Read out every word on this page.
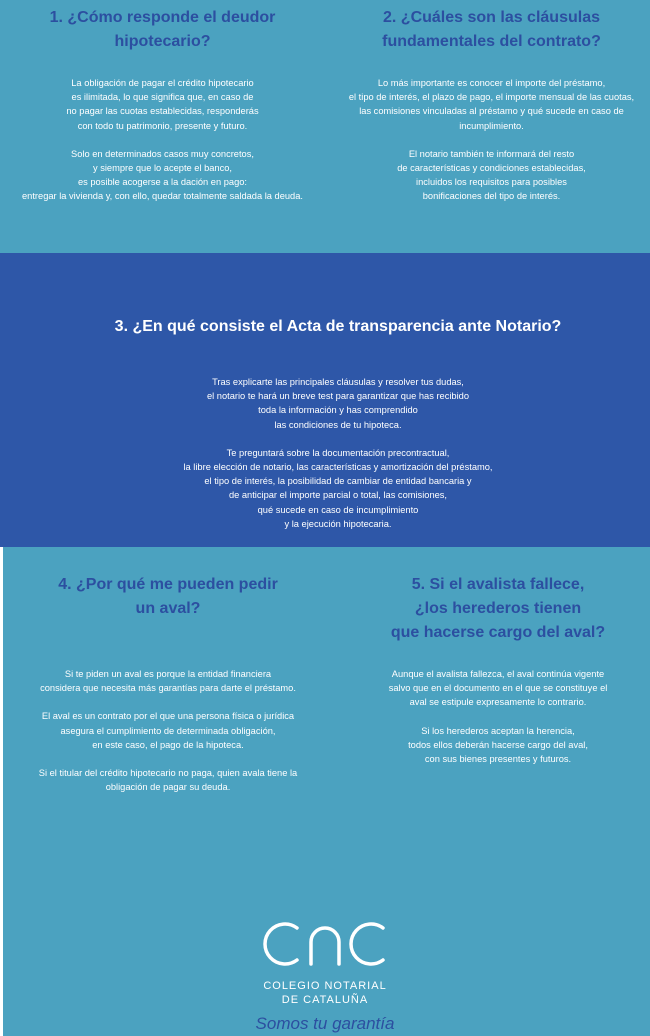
1. ¿Cómo responde el deudor
hipotecario?

La obligación de pagar el crédito hipotecario
es ilimitada, lo que significa que, en caso de
no pagar las cuotas establecidas, responderás
con todo tu patrimonio, presente y futuro.

Solo en determinados casos muy concretos,
y siempre que lo acepte el banco,
es posible acogerse a la dación en pago:
entregar la vivienda y, con ello, quedar totalmente saldada la deuda.

2. ¿Cuáles son las cláusulas
fundamentales del contrato?

Lo más importante es conocer el importe del préstamo,
el tipo de interés, el plazo de pago, el importe mensual de las cuotas,
las comisiones vinculadas al préstamo y qué sucede en caso de
incumplimiento.

El notario también te informará del resto
de características y condiciones establecidas,
incluidos los requisitos para posibles
bonificaciones del tipo de interés.

3. ¿En qué consiste el Acta de transparencia ante Notario?

Tras explicarte las principales cláusulas y resolver tus dudas,
el notario te hará un breve test para garantizar que has recibido
toda la información y has comprendido
las condiciones de tu hipoteca.

Te preguntará sobre la documentación precontractual,
la libre elección de notario, las características y amortización del préstamo,
el tipo de interés, la posibilidad de cambiar de entidad bancaria y
de anticipar el importe parcial o total, las comisiones,
qué sucede en caso de incumplimiento
y la ejecución hipotecaria.

4. ¿Por qué me pueden pedir
un aval?

Si te piden un aval es porque la entidad financiera
considera que necesita más garantías para darte el préstamo.

El aval es un contrato por el que una persona física o jurídica
asegura el cumplimiento de determinada obligación,
en este caso, el pago de la hipoteca.

Si el titular del crédito hipotecario no paga, quien avala tiene la
obligación de pagar su deuda.

5. Si el avalista fallece,
¿los herederos tienen
que hacerse cargo del aval?

Aunque el avalista fallezca, el aval continúa vigente
salvo que en el documento en el que se constituye el
aval se estipule expresamente lo contrario.

Si los herederos aceptan la herencia,
todos ellos deberán hacerse cargo del aval,
con sus bienes presentes y futuros.

COLEGIO NOTARIAL
DE CATALUÑA
Somos tu garantía
